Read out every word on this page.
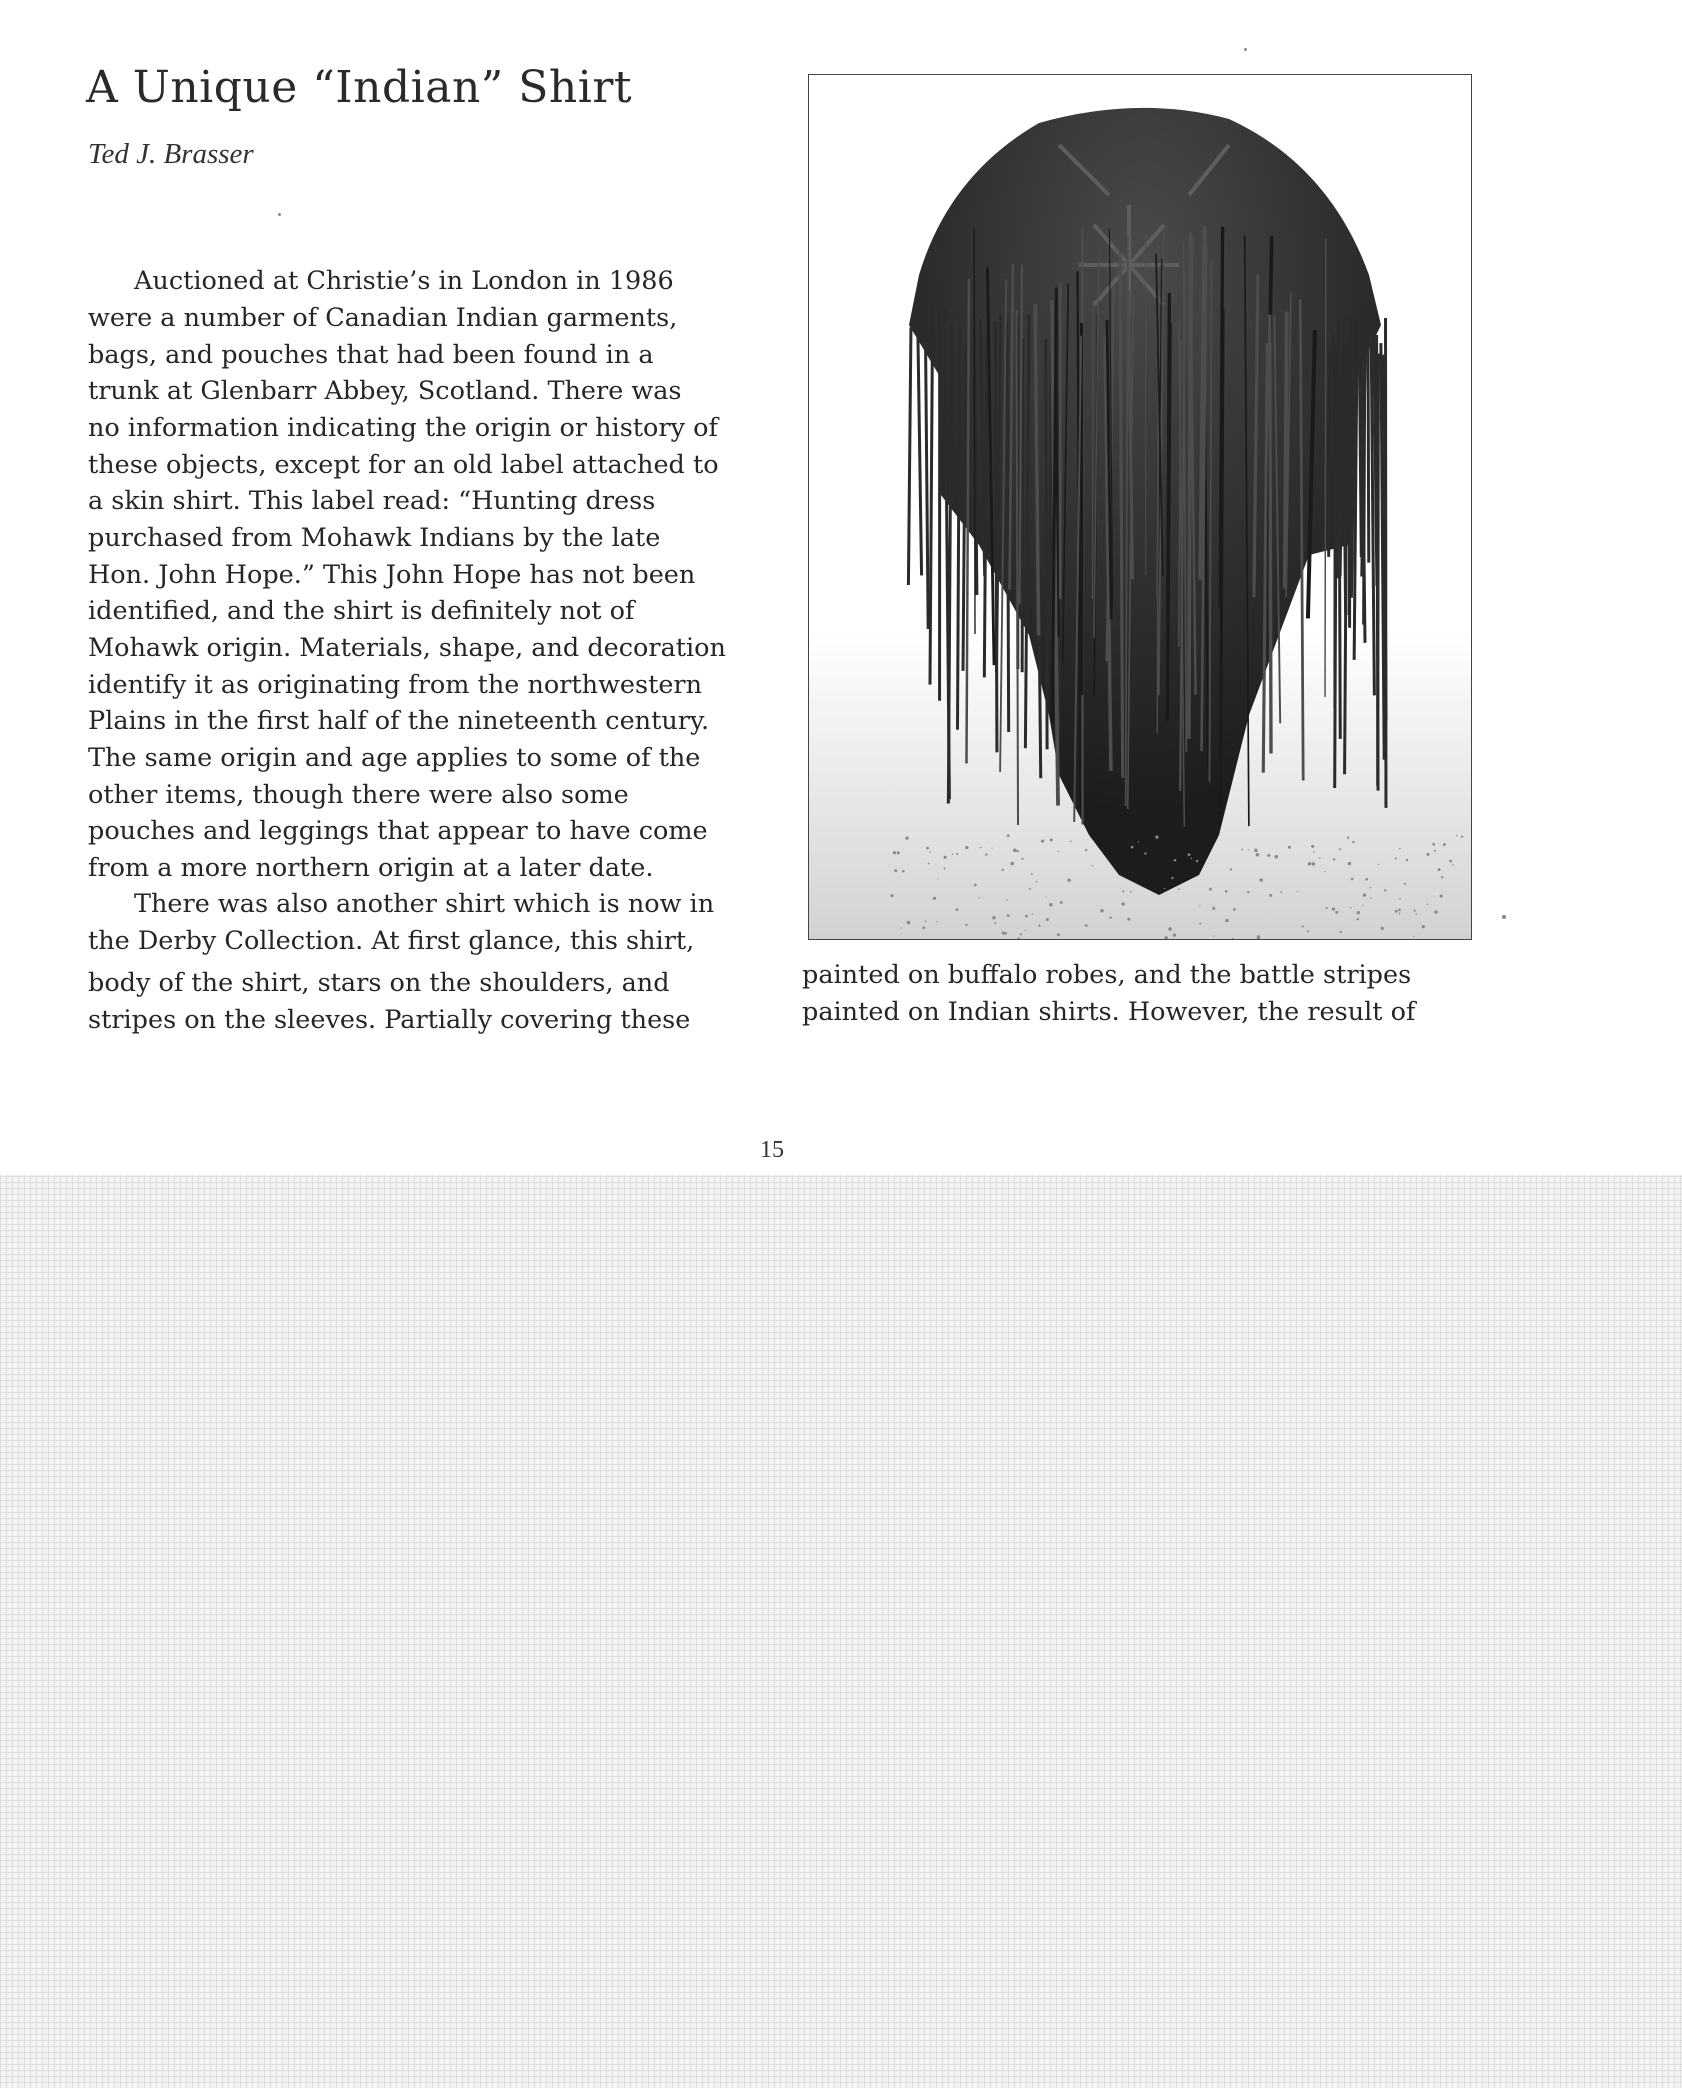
A Unique “Indian” Shirt
Ted J. Brasser
Auctioned at Christie’s in London in 1986
were a number of Canadian Indian garments,
bags, and pouches that had been found in a
trunk at Glenbarr Abbey, Scotland. There was
no information indicating the origin or history of
these objects, except for an old label attached to
a skin shirt. This label read: “Hunting dress
purchased from Mohawk Indians by the late
Hon. John Hope.” This John Hope has not been
identified, and the shirt is definitely not of
Mohawk origin. Materials, shape, and decoration
identify it as originating from the northwestern
Plains in the first half of the nineteenth century.
The same origin and age applies to some of the
other items, though there were also some
pouches and leggings that appear to have come
from a more northern origin at a later date.
There was also another shirt which is now in
the Derby Collection. At first glance, this shirt,
body of the shirt, stars on the shoulders, and
stripes on the sleeves. Partially covering these
painted on buffalo robes, and the battle stripes
painted on Indian shirts. However, the result of
15
